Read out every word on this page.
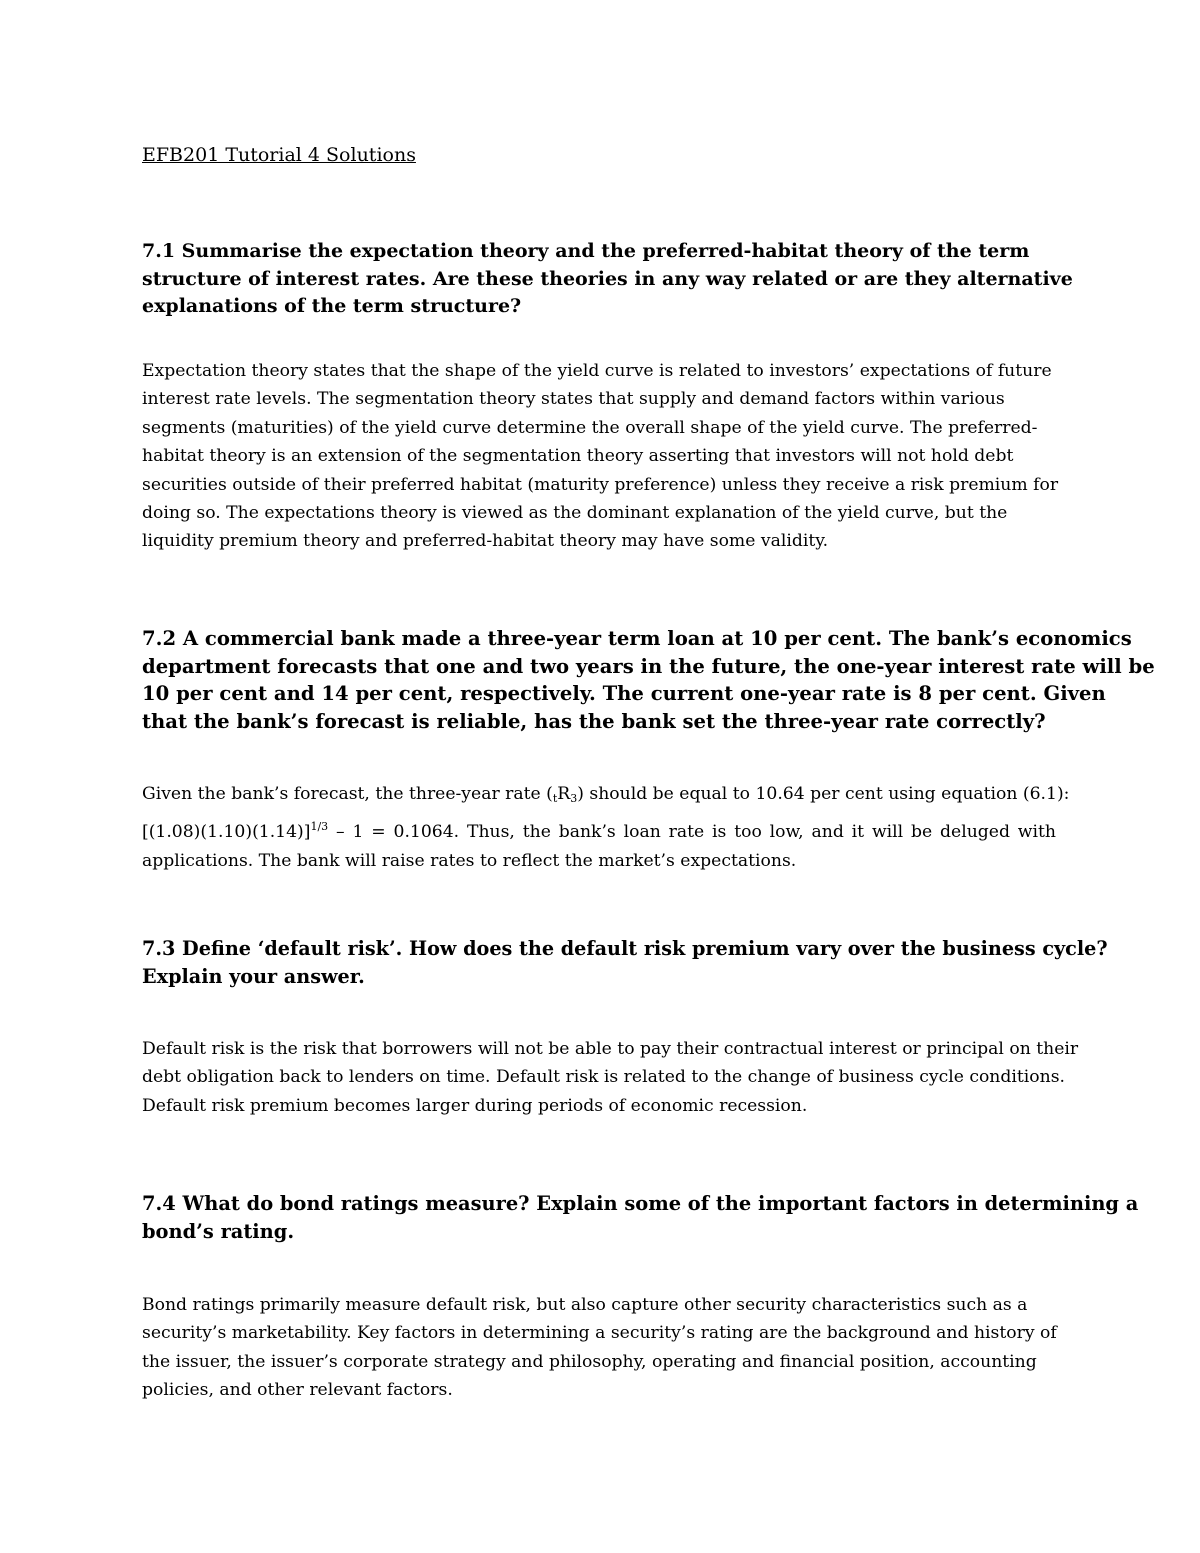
EFB201 Tutorial 4 Solutions

7.1 Summarise the expectation theory and the preferred-habitat theory of the term
structure of interest rates. Are these theories in any way related or are they alternative
explanations of the term structure?

Expectation theory states that the shape of the yield curve is related to investors’ expectations of future
interest rate levels. The segmentation theory states that supply and demand factors within various
segments (maturities) of the yield curve determine the overall shape of the yield curve. The preferred-
habitat theory is an extension of the segmentation theory asserting that investors will not hold debt
securities outside of their preferred habitat (maturity preference) unless they receive a risk premium for
doing so. The expectations theory is viewed as the dominant explanation of the yield curve, but the
liquidity premium theory and preferred-habitat theory may have some validity.

7.2 A commercial bank made a three-year term loan at 10 per cent. The bank’s economics
department forecasts that one and two years in the future, the one-year interest rate will be
10 per cent and 14 per cent, respectively. The current one-year rate is 8 per cent. Given
that the bank’s forecast is reliable, has the bank set the three-year rate correctly?

Given the bank’s forecast, the three-year rate $(_tR_3)$ should be equal to 10.64 per cent using equation (6.1):
$[(1.08)(1.10)(1.14)]^{1/3} - 1 = 0.1064$. Thus, the bank’s loan rate is too low, and it will be deluged with
applications. The bank will raise rates to reflect the market’s expectations.

7.3 Define ‘default risk’. How does the default risk premium vary over the business cycle?
Explain your answer.

Default risk is the risk that borrowers will not be able to pay their contractual interest or principal on their
debt obligation back to lenders on time. Default risk is related to the change of business cycle conditions.
Default risk premium becomes larger during periods of economic recession.

7.4 What do bond ratings measure? Explain some of the important factors in determining a
bond’s rating.

Bond ratings primarily measure default risk, but also capture other security characteristics such as a
security’s marketability. Key factors in determining a security’s rating are the background and history of
the issuer, the issuer’s corporate strategy and philosophy, operating and financial position, accounting
policies, and other relevant factors.
